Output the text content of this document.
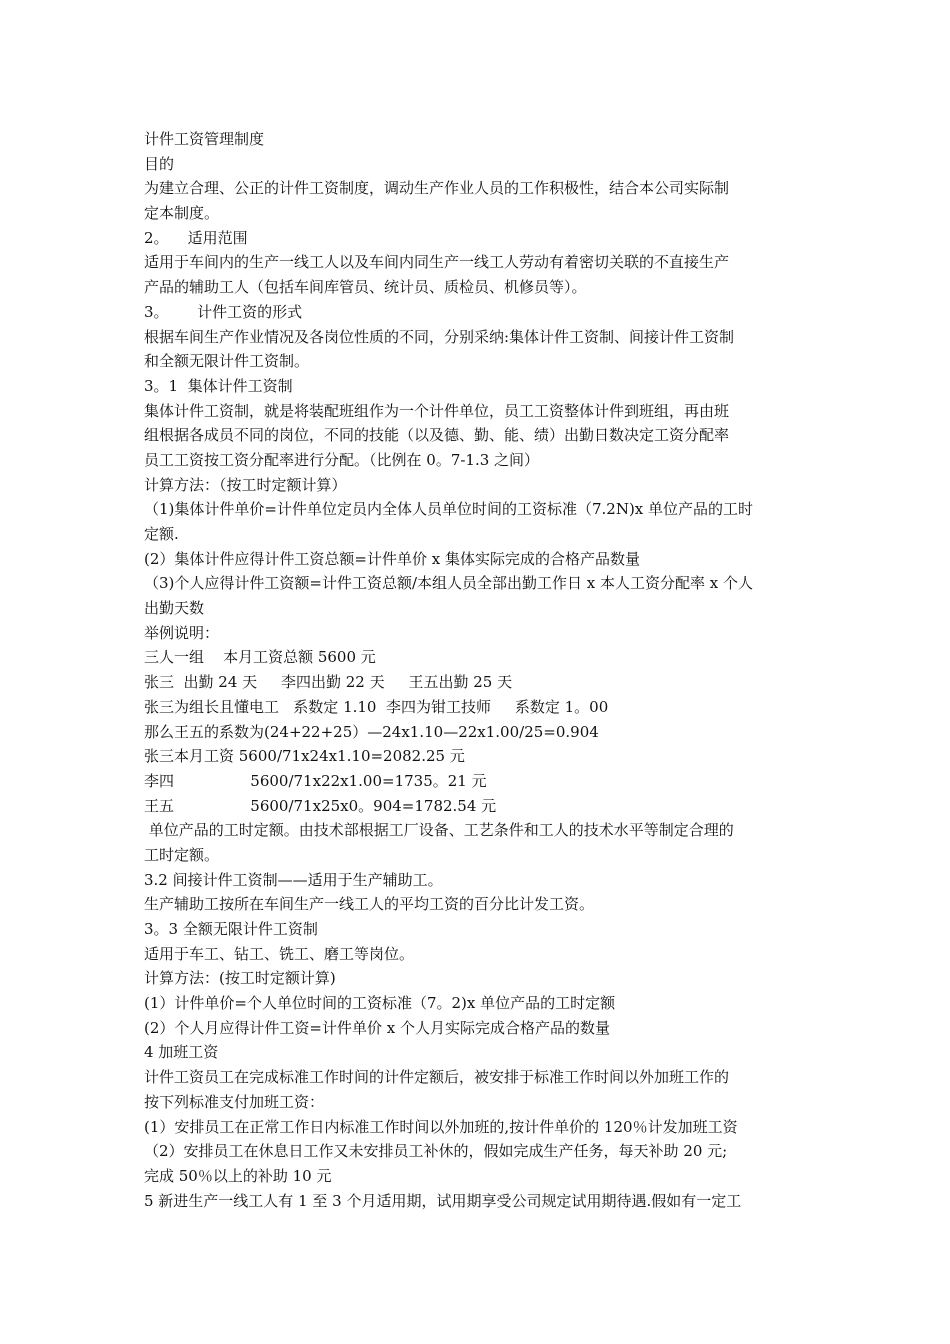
计件工资管理制度
目的
为建立合理、公正的计件工资制度，调动生产作业人员的工作积极性，结合本公司实际制
定本制度。
2。    适用范围
适用于车间内的生产一线工人以及车间内同生产一线工人劳动有着密切关联的不直接生产
产品的辅助工人（包括车间库管员、统计员、质检员、机修员等）。
3。      计件工资的形式
根据车间生产作业情况及各岗位性质的不同，分别采纳:集体计件工资制、间接计件工资制
和全额无限计件工资制。
3。1  集体计件工资制
集体计件工资制，就是将装配班组作为一个计件单位，员工工资整体计件到班组，再由班
组根据各成员不同的岗位，不同的技能（以及德、勤、能、绩）出勤日数决定工资分配率
员工工资按工资分配率进行分配。（比例在 0。7-1.3 之间）
计算方法：（按工时定额计算）
（1)集体计件单价=计件单位定员内全体人员单位时间的工资标准（7.2N)x 单位产品的工时
定额.
(2）集体计件应得计件工资总额=计件单价 x 集体实际完成的合格产品数量
（3)个人应得计件工资额=计件工资总额/本组人员全部出勤工作日 x 本人工资分配率 x 个人
出勤天数
举例说明：
三人一组    本月工资总额 5600 元
张三  出勤 24 天     李四出勤 22 天     王五出勤 25 天
张三为组长且懂电工   系数定 1.10  李四为钳工技师     系数定 1。00
那么王五的系数为(24+22+25）—24x1.10—22x1.00/25=0.904
张三本月工资 5600/71x24x1.10=2082.25 元
李四                5600/71x22x1.00=1735。21 元
王五                5600/71x25x0。904=1782.54 元
单位产品的工时定额。由技术部根据工厂设备、工艺条件和工人的技术水平等制定合理的
工时定额。
3.2 间接计件工资制——适用于生产辅助工。
生产辅助工按所在车间生产一线工人的平均工资的百分比计发工资。
3。3 全额无限计件工资制
适用于车工、钻工、铣工、磨工等岗位。
计算方法：(按工时定额计算)
(1）计件单价=个人单位时间的工资标准（7。2)x 单位产品的工时定额
(2）个人月应得计件工资=计件单价 x 个人月实际完成合格产品的数量
4 加班工资
计件工资员工在完成标准工作时间的计件定额后，被安排于标准工作时间以外加班工作的
按下列标准支付加班工资：
(1）安排员工在正常工作日内标准工作时间以外加班的,按计件单价的 120％计发加班工资
（2）安排员工在休息日工作又未安排员工补休的，假如完成生产任务，每天补助 20 元;
完成 50％以上的补助 10 元
5 新进生产一线工人有 1 至 3 个月适用期，试用期享受公司规定试用期待遇.假如有一定工
